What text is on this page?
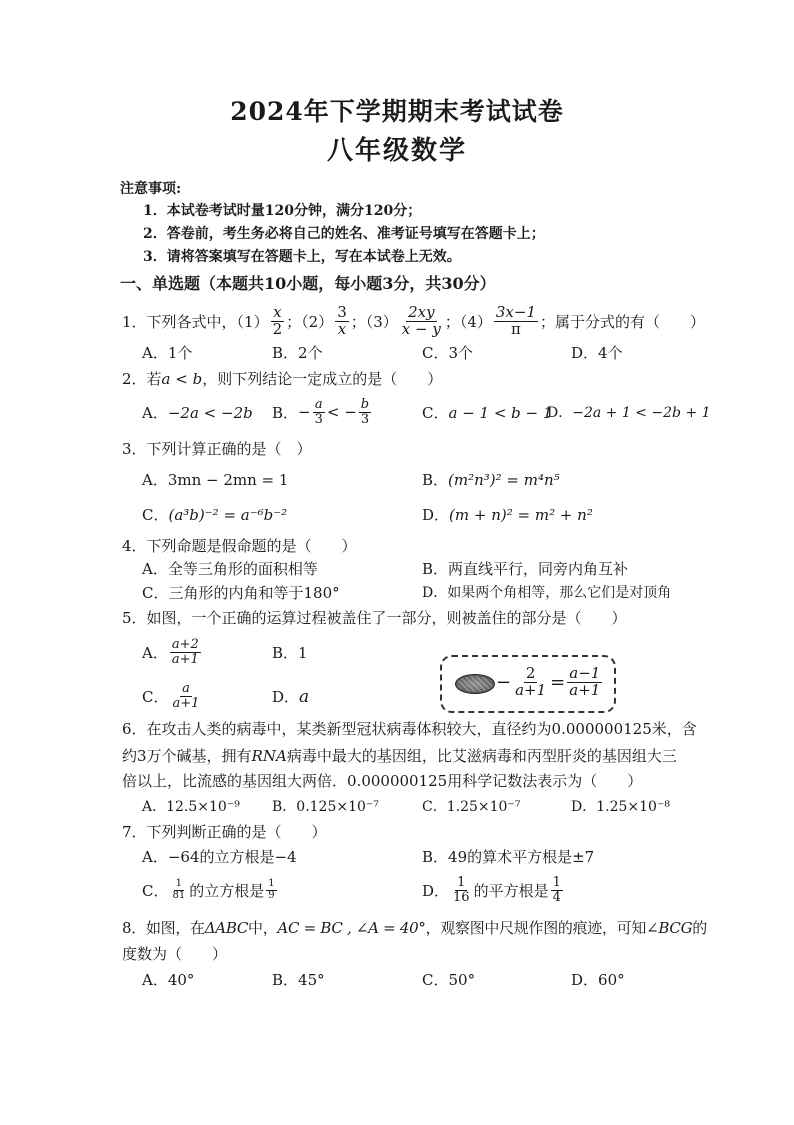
2024年下学期期末考试试卷
八年级数学
注意事项:
1．本试卷考试时量120分钟，满分120分；
2．答卷前，考生务必将自己的姓名、准考证号填写在答题卡上；
3．请将答案填写在答题卡上，写在本试卷上无效。
一、单选题（本题共10小题，每小题3分，共30分）
1．下列各式中，$(1) \frac{x}{2}$ ；$(2) \frac{3}{x}$ ；$(3) \frac{2xy}{x - y}$ ；$(4) \frac{3x-1}{\pi}$ ；属于分式的有（　　）
A．1个	B．2个	C．3个	D．4个
2．若a < b，则下列结论一定成立的是（　　）
A．−2a < −2b B． − $\frac{a}{3}$ < − $\frac{b}{3}$	C．a − 1 < b − 1
D．−2a + 1 < −2b + 1
3．下列计算正确的是（　）
A．3mn − 2mn = 1	B．(m²n³)² = m⁴n⁵
C．(a³b)⁻² = a⁻⁶b⁻²	D．(m + n)² = m² + n²
4．下列命题是假命题的是（　　）
A．全等三角形的面积相等	B．两直线平行，同旁内角互补
C．三角形的内角和等于180°	D．如果两个角相等，那么它们是对顶角
5．如图，一个正确的运算过程被盖住了一部分，则被盖住的部分是（　　）
A． $\frac{a+2}{a+1}$	B．1
C． $\frac{a}{a+1}$	D．a
− $\frac{2}{a+1} = \frac{a-1}{a+1}$
6．在攻击人类的病毒中，某类新型冠状病毒体积较大，直径约为0.000000125米，含
约3万个碱基，拥有RNA病毒中最大的基因组，比艾滋病毒和丙型肝炎的基因组大三
倍以上，比流感的基因组大两倍．0.000000125用科学记数法表示为（　　）
A．12.5×10⁻⁹ B．0.125×10⁻⁷	C．1.25×10⁻⁷	D．1.25×10⁻⁸
7．下列判断正确的是（　　）
A．−64的立方根是−4	B．49的算术平方根是±7
C． $\frac{1}{81}$ 的立方根是 $\frac{1}{9}$	D． $\frac{1}{16}$ 的平方根是 $\frac{1}{4}$
8．如图，在ΔABC中，AC = BC , ∠A = 40°，观察图中尺规作图的痕迹，可知∠BCG的
度数为（　　）
A．40°	B．45°	C．50°	D．60°
